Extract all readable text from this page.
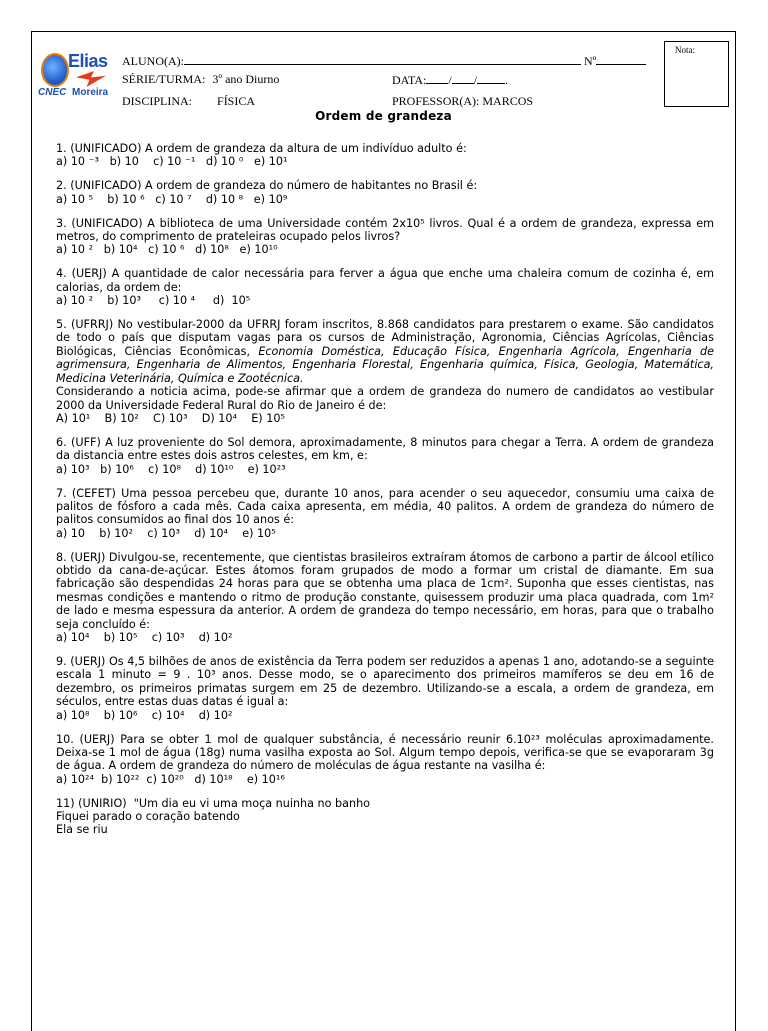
Elias
CNEC Moreira
ALUNO(A):	Nº
SÉRIE/TURMA: 3º ano Diurno	DATA: / / .
DISCIPLINA: FÍSICA	PROFESSOR(A): MARCOS
Nota:
Ordem de grandeza

1. (UNIFICADO) A ordem de grandeza da altura de um indivíduo adulto é:

a) 10 ⁻³   b) 10    c) 10 ⁻¹   d) 10 ⁰   e) 10¹

2. (UNIFICADO) A ordem de grandeza do número de habitantes no Brasil é:

a) 10 ⁵    b) 10 ⁶   c) 10 ⁷    d) 10 ⁸   e) 10⁹

3. (UNIFICADO) A biblioteca de uma Universidade contém 2x10⁵ livros. Qual é a ordem de grandeza, expressa em metros, do comprimento de prateleiras ocupado pelos livros?

a) 10 ²   b) 10⁴   c) 10 ⁶   d) 10⁸   e) 10¹⁰

4. (UERJ) A quantidade de calor necessária para ferver a água que enche uma chaleira comum de cozinha é, em calorias, da ordem de:

a) 10 ²    b) 10³     c) 10 ⁴     d)  10⁵

5. (UFRRJ) No vestibular-2000 da UFRRJ foram inscritos, 8.868 candidatos para prestarem o exame. São candidatos de todo o país que disputam vagas para os cursos de Administração, Agronomia, Ciências Agrícolas, Ciências Biológicas, Ciências Econômicas, Economia Doméstica, Educação Física, Engenharia Agrícola, Engenharia de agrimensura, Engenharia de Alimentos, Engenharia Florestal, Engenharia química, Física, Geologia, Matemática, Medicina Veterinária, Química e Zootécnica.

Considerando a noticia acima, pode-se afirmar que a ordem de grandeza do numero de candidatos ao vestibular 2000 da Universidade Federal Rural do Rio de Janeiro é de:

A) 10¹    B) 10²    C) 10³    D) 10⁴    E) 10⁵

6. (UFF) A luz proveniente do Sol demora, aproximadamente, 8 minutos para chegar a Terra. A ordem de grandeza da distancia entre estes dois astros celestes, em km, e:

a) 10³   b) 10⁶    c) 10⁸    d) 10¹⁰    e) 10²³

7. (CEFET) Uma pessoa percebeu que, durante 10 anos, para acender o seu aquecedor, consumiu uma caixa de palitos de fósforo a cada mês. Cada caixa apresenta, em média, 40 palitos. A ordem de grandeza do número de palitos consumidos ao final dos 10 anos é:

a) 10    b) 10²    c) 10³    d) 10⁴    e) 10⁵

8. (UERJ) Divulgou-se, recentemente, que cientistas brasileiros extraíram átomos de carbono a partir de álcool etílico obtido da cana-de-açúcar. Estes átomos foram grupados de modo a formar um cristal de diamante. Em sua fabricação são despendidas 24 horas para que se obtenha uma placa de 1cm². Suponha que esses cientistas, nas mesmas condições e mantendo o ritmo de produção constante, quisessem produzir uma placa quadrada, com 1m² de lado e mesma espessura da anterior. A ordem de grandeza do tempo necessário, em horas, para que o trabalho seja concluído é:

a) 10⁴    b) 10⁵    c) 10³    d) 10²

9. (UERJ) Os 4,5 bilhões de anos de existência da Terra podem ser reduzidos a apenas 1 ano, adotando-se a seguinte escala 1 minuto = 9 . 10³ anos. Desse modo, se o aparecimento dos primeiros mamíferos se deu em 16 de dezembro, os primeiros primatas surgem em 25 de dezembro. Utilizando-se a escala, a ordem de grandeza, em séculos, entre estas duas datas é igual a:

a) 10⁸    b) 10⁶    c) 10⁴    d) 10²

10. (UERJ) Para se obter 1 mol de qualquer substância, é necessário reunir 6.10²³ moléculas aproximadamente. Deixa-se 1 mol de água (18g) numa vasilha exposta ao Sol. Algum tempo depois, verifica-se que se evaporaram 3g de água. A ordem de grandeza do número de moléculas de água restante na vasilha é:

a) 10²⁴  b) 10²²  c) 10²⁰   d) 10¹⁸    e) 10¹⁶

11) (UNIRIO)  "Um dia eu vi uma moça nuinha no banho

Fiquei parado o coração batendo

Ela se riu
